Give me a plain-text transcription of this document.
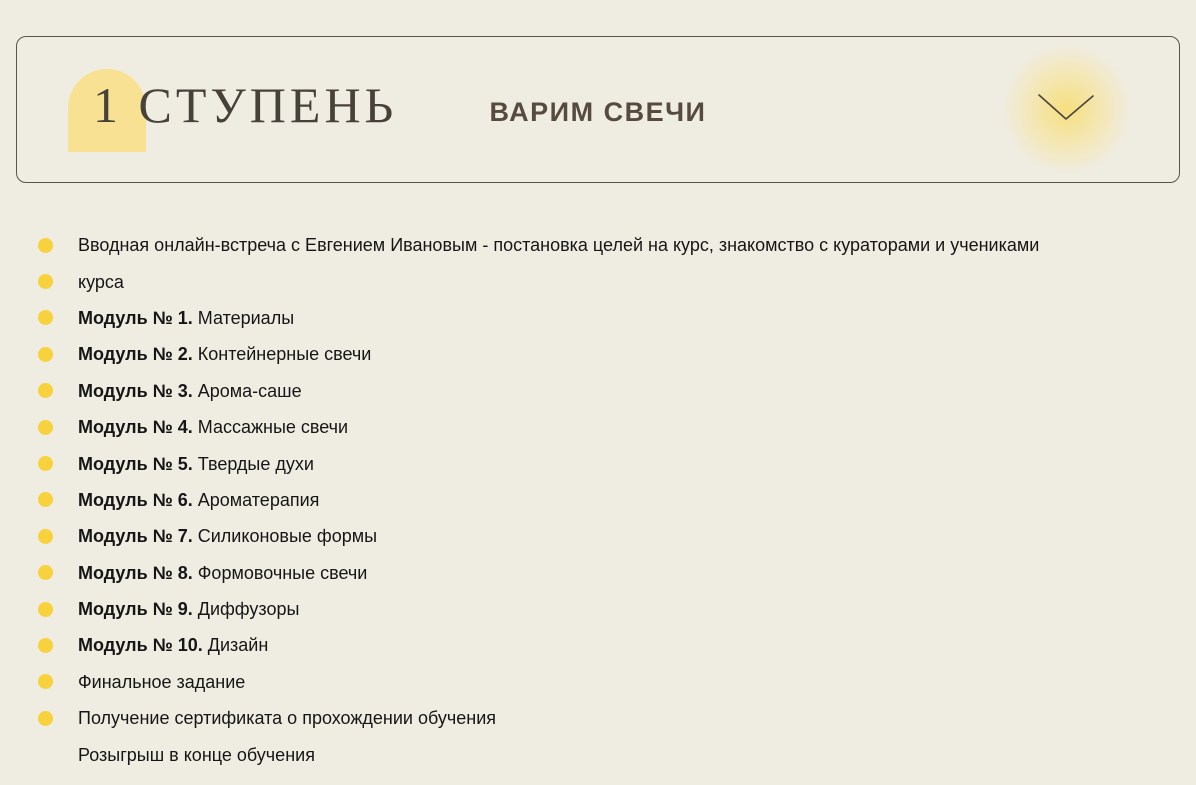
1 СТУПЕНЬ	ВАРИМ СВЕЧИ
Вводная онлайн-встреча с Евгением Ивановым - постановка целей на курс, знакомство с кураторами и учениками
курса
Модуль № 1. Материалы
Модуль № 2. Контейнерные свечи
Модуль № 3. Арома-саше
Модуль № 4. Массажные свечи
Модуль № 5. Твердые духи
Модуль № 6. Ароматерапия
Модуль № 7. Силиконовые формы
Модуль № 8. Формовочные свечи
Модуль № 9. Диффузоры
Модуль № 10. Дизайн
Финальное задание
Получение сертификата о прохождении обучения
Розыгрыш в конце обучения
